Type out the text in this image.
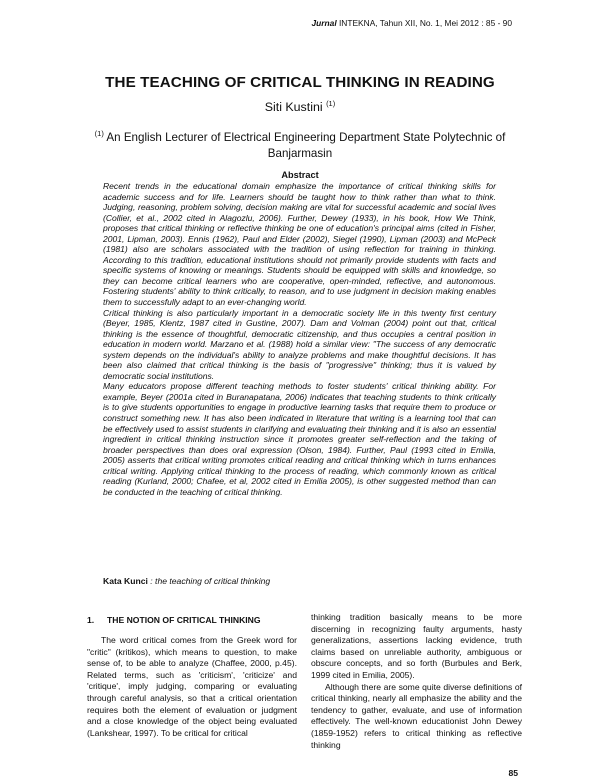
Jurnal INTEKNA, Tahun XII, No. 1, Mei 2012 : 85 - 90
THE TEACHING OF CRITICAL THINKING IN READING
Siti Kustini $^{(1)}$
$^{(1)}$ An English Lecturer of Electrical Engineering Department State Polytechnic of Banjarmasin
Abstract

Recent trends in the educational domain emphasize the importance of critical thinking skills for academic success and for life. Learners should be taught how to think rather than what to think. Judging, reasoning, problem solving, decision making are vital for successful academic and social lives (Collier, et al., 2002 cited in Alagozlu, 2006). Further, Dewey (1933), in his book, How We Think, proposes that critical thinking or reflective thinking be one of education's principal aims (cited in Fisher, 2001, Lipman, 2003). Ennis (1962), Paul and Elder (2002), Siegel (1990), Lipman (2003) and McPeck (1981) also are scholars associated with the tradition of using reflection for training in thinking. According to this tradition, educational institutions should not primarily provide students with facts and specific systems of knowing or meanings. Students should be equipped with skills and knowledge, so they can become critical learners who are cooperative, open-minded, reflective, and autonomous. Fostering students' ability to think critically, to reason, and to use judgment in decision making enables them to successfully adapt to an ever-changing world.

Critical thinking is also particularly important in a democratic society life in this twenty first century (Beyer, 1985, Klentz, 1987 cited in Gustine, 2007). Dam and Volman (2004) point out that, critical thinking is the essence of thoughtful, democratic citizenship, and thus occupies a central position in education in modern world. Marzano et al. (1988) hold a similar view: "The success of any democratic system depends on the individual's ability to analyze problems and make thoughtful decisions. It has been also claimed that critical thinking is the basis of "progressive" thinking; thus it is valued by democratic social institutions.

Many educators propose different teaching methods to foster students' critical thinking ability. For example, Beyer (2001a cited in Buranapatana, 2006) indicates that teaching students to think critically is to give students opportunities to engage in productive learning tasks that require them to produce or construct something new. It has also been indicated in literature that writing is a learning tool that can be effectively used to assist students in clarifying and evaluating their thinking and it is also an essential ingredient in critical thinking instruction since it promotes greater self-reflection and the taking of broader perspectives than does oral expression (Olson, 1984). Further, Paul (1993 cited in Emilia, 2005) asserts that critical writing promotes critical reading and critical thinking which in turns enhances critical writing. Applying critical thinking to the process of reading, which commonly known as critical reading (Kurland, 2000; Chafee, et al, 2002 cited in Emilia 2005), is other suggested method than can be conducted in the teaching of critical thinking.

Kata Kunci : the teaching of critical thinking
1. THE NOTION OF CRITICAL THINKING

The word critical comes from the Greek word for "critic" (kritikos), which means to question, to make sense of, to be able to analyze (Chaffee, 2000, p.45). Related terms, such as 'criticism', 'criticize' and 'critique', imply judging, comparing or evaluating through careful analysis, so that a critical orientation requires both the element of evaluation or judgment and a close knowledge of the object being evaluated (Lankshear, 1997). To be critical for critical

thinking tradition basically means to be more discerning in recognizing faulty arguments, hasty generalizations, assertions lacking evidence, truth claims based on unreliable authority, ambiguous or obscure concepts, and so forth (Burbules and Berk, 1999 cited in Emilia, 2005).

Although there are some quite diverse definitions of critical thinking, nearly all emphasize the ability and the tendency to gather, evaluate, and use of information effectively. The well-known educationist John Dewey (1859-1952) refers to critical thinking as reflective thinking

85
